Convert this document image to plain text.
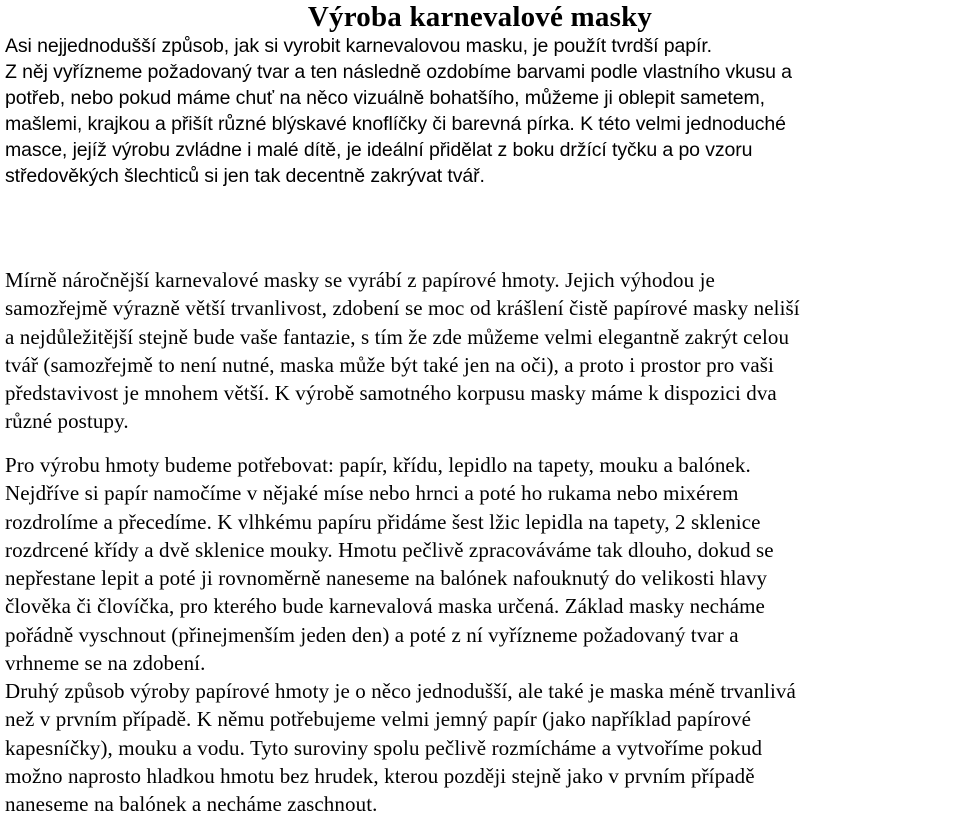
Výroba karnevalové masky

Asi nejjednodušší způsob, jak si vyrobit karnevalovou masku, je použít tvrdší papír.
Z něj vyřízneme požadovaný tvar a ten následně ozdobíme barvami podle vlastního vkusu a
potřeb, nebo pokud máme chuť na něco vizuálně bohatšího, můžeme ji oblepit sametem,
mašlemi, krajkou a přišít různé blýskavé knoflíčky či barevná pírka. K této velmi jednoduché
masce, jejíž výrobu zvládne i malé dítě, je ideální přidělat z boku držící tyčku a po vzoru
středověkých šlechticů si jen tak decentně zakrývat tvář.

Mírně náročnější karnevalové masky se vyrábí z papírové hmoty. Jejich výhodou je
samozřejmě výrazně větší trvanlivost, zdobení se moc od krášlení čistě papírové masky neliší
a nejdůležitější stejně bude vaše fantazie, s tím že zde můžeme velmi elegantně zakrýt celou
tvář (samozřejmě to není nutné, maska může být také jen na oči), a proto i prostor pro vaši
představivost je mnohem větší. K výrobě samotného korpusu masky máme k dispozici dva
různé postupy.

Pro výrobu hmoty budeme potřebovat: papír, křídu, lepidlo na tapety, mouku a balónek.
Nejdříve si papír namočíme v nějaké míse nebo hrnci a poté ho rukama nebo mixérem
rozdrolíme a přecedíme. K vlhkému papíru přidáme šest lžic lepidla na tapety, 2 sklenice
rozdrcené křídy a dvě sklenice mouky. Hmotu pečlivě zpracováváme tak dlouho, dokud se
nepřestane lepit a poté ji rovnoměrně naneseme na balónek nafouknutý do velikosti hlavy
člověka či človíčka, pro kterého bude karnevalová maska určená. Základ masky necháme
pořádně vyschnout (přinejmenším jeden den) a poté z ní vyřízneme požadovaný tvar a
vrhneme se na zdobení.

Druhý způsob výroby papírové hmoty je o něco jednodušší, ale také je maska méně trvanlivá
než v prvním případě. K němu potřebujeme velmi jemný papír (jako například papírové
kapesníčky), mouku a vodu. Tyto suroviny spolu pečlivě rozmícháme a vytvoříme pokud
možno naprosto hladkou hmotu bez hrudek, kterou později stejně jako v prvním případě
naneseme na balónek a necháme zaschnout.
